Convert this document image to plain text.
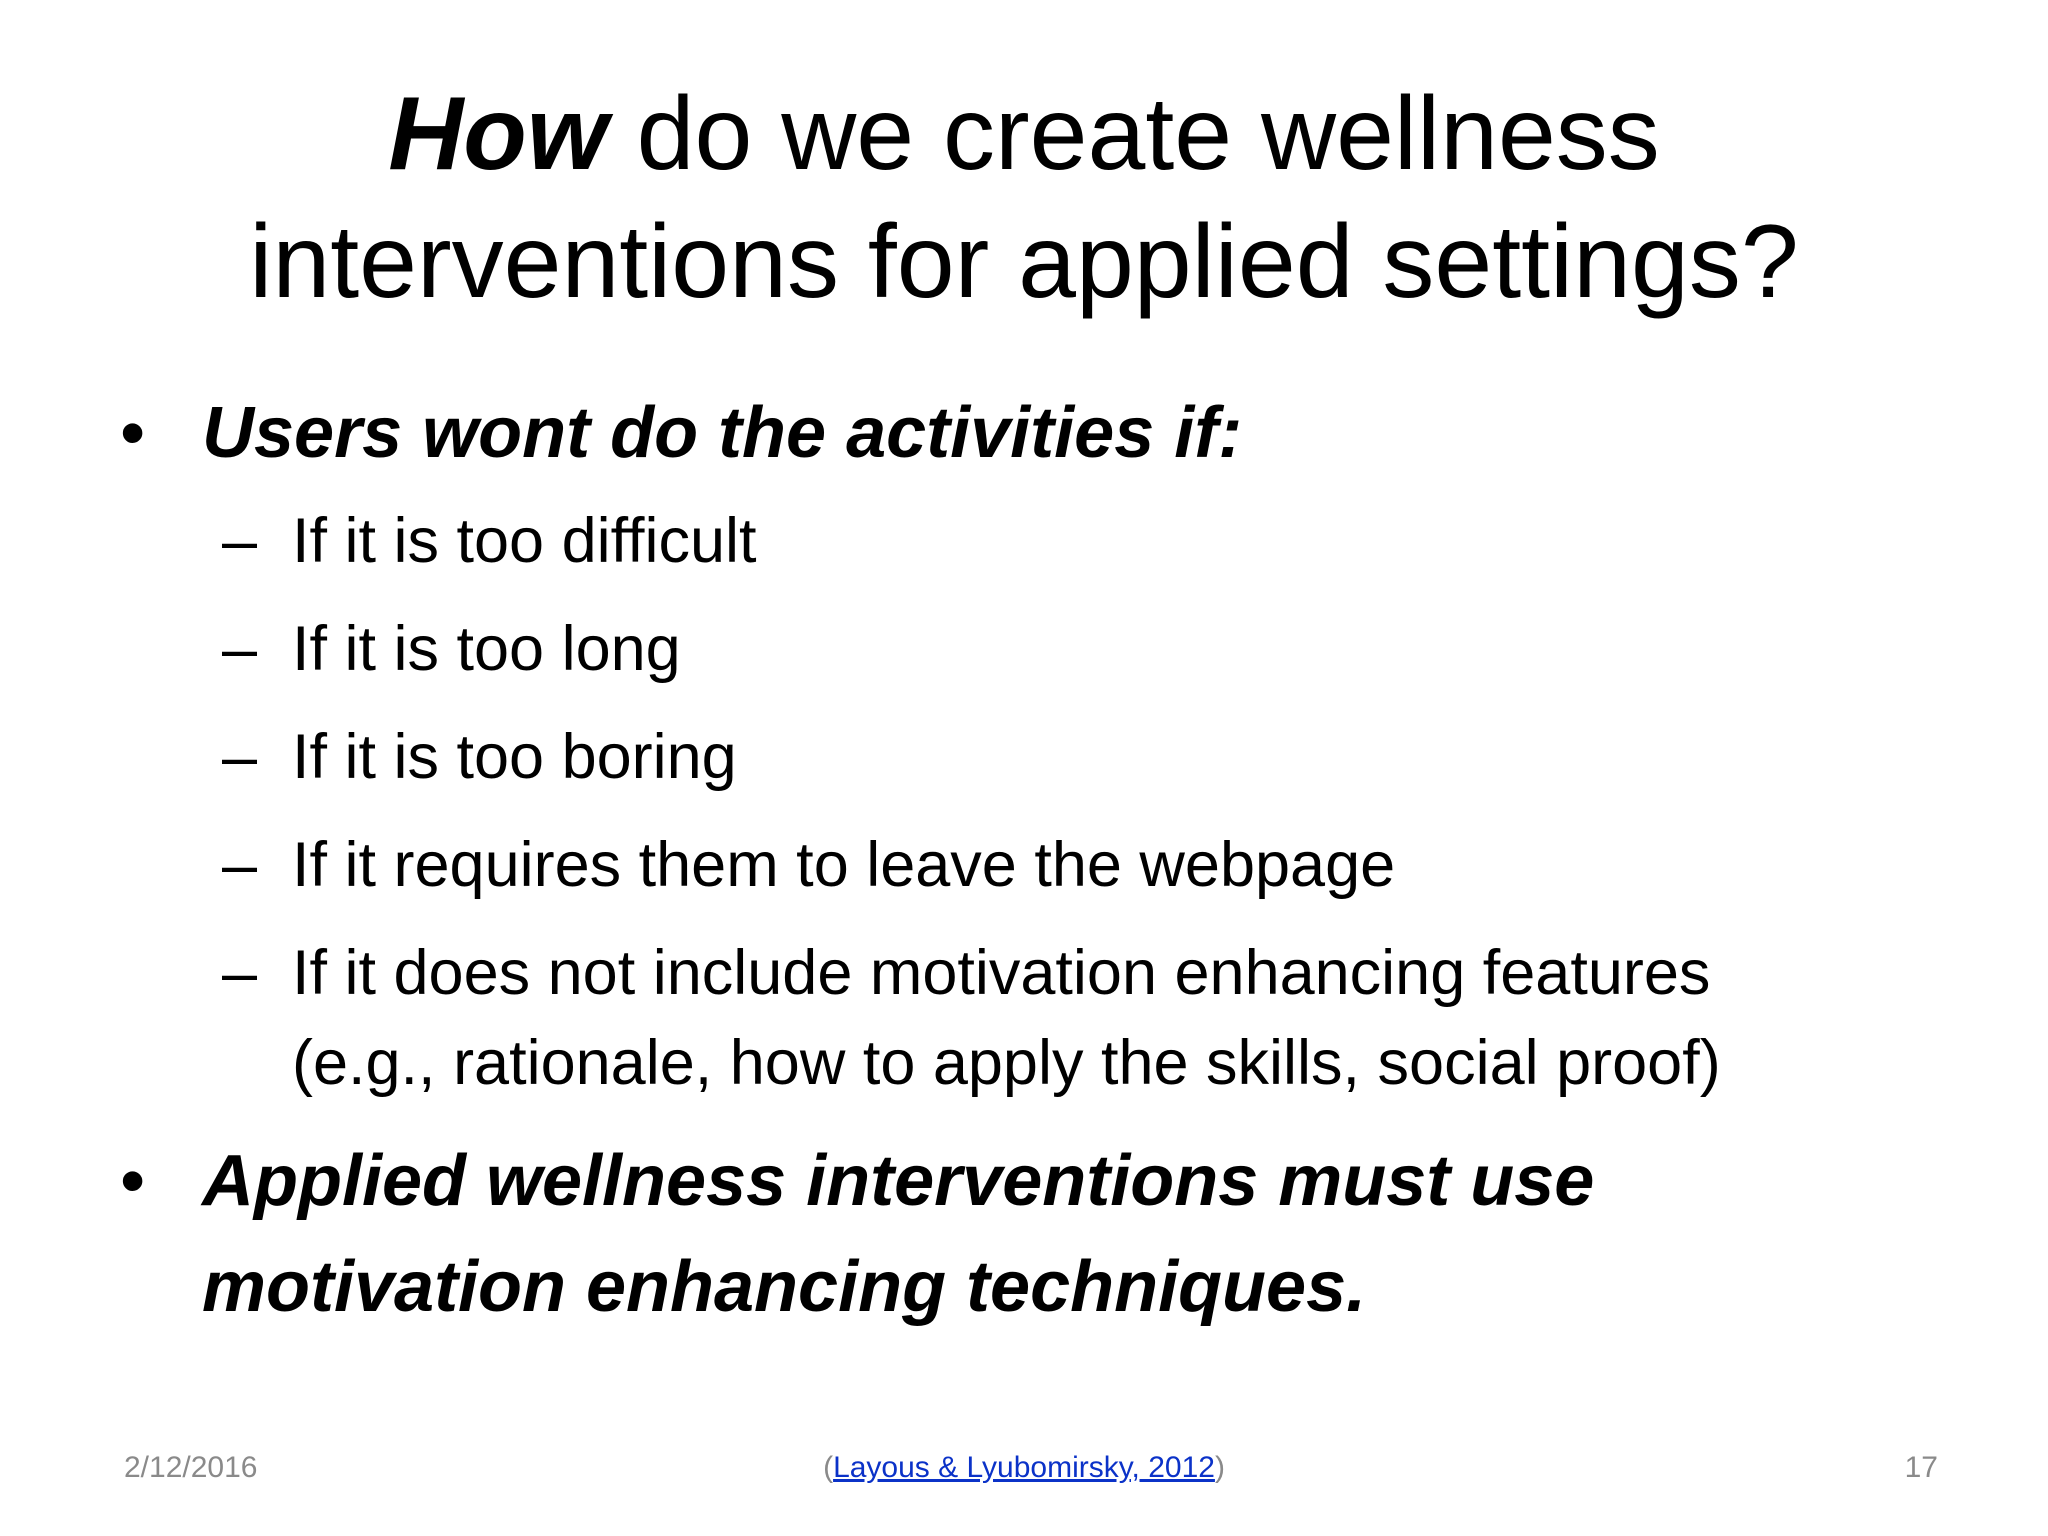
How do we create wellness
interventions for applied settings?
• Users wont do the activities if:
– If it is too difficult
– If it is too long
– If it is too boring
– If it requires them to leave the webpage
– If it does not include motivation enhancing features
(e.g., rationale, how to apply the skills, social proof)
• Applied wellness interventions must use
motivation enhancing techniques.
2/12/2016	(Layous & Lyubomirsky, 2012)	17
